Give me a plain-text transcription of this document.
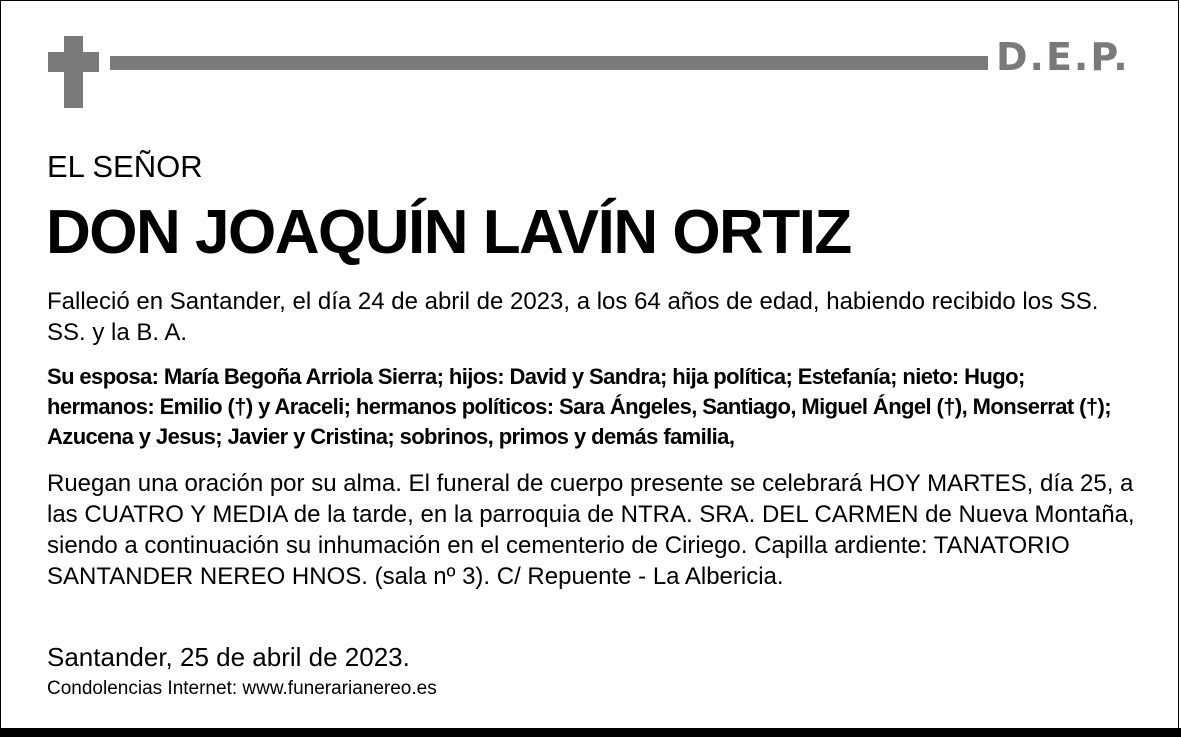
D.E.P.
EL SEÑOR
DON JOAQUÍN LAVÍN ORTIZ

Falleció en Santander, el día 24 de abril de 2023, a los 64 años de edad, habiendo recibido los SS. SS. y la B. A.

Su esposa: María Begoña Arriola Sierra; hijos: David y Sandra; hija política; Estefanía; nieto: Hugo; hermanos: Emilio (†) y Araceli; hermanos políticos: Sara Ángeles, Santiago, Miguel Ángel (†), Monserrat (†); Azucena y Jesus; Javier y Cristina; sobrinos, primos y demás familia,

Ruegan una oración por su alma. El funeral de cuerpo presente se celebrará HOY MARTES, día 25, a las CUATRO Y MEDIA de la tarde, en la parroquia de NTRA. SRA. DEL CARMEN de Nueva Montaña, siendo a continuación su inhumación en el cementerio de Ciriego. Capilla ardiente: TANATORIO SANTANDER NEREO HNOS. (sala nº 3). C/ Repuente - La Albericia.

Santander, 25 de abril de 2023.
Condolencias Internet: www.funerarianereo.es
